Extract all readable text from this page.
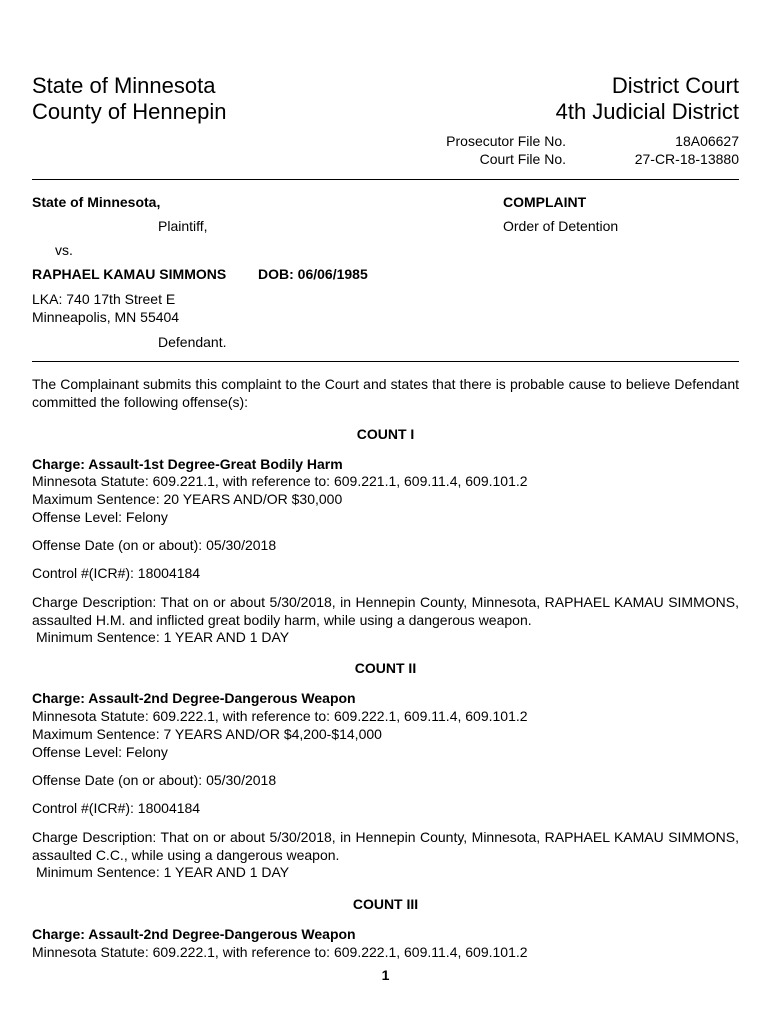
State of Minnesota
County of Hennepin
District Court
4th Judicial District
Prosecutor File No.	18A06627
Court File No.	27-CR-18-13880
State of Minnesota,
Plaintiff,
vs.
RAPHAEL KAMAU SIMMONS DOB: 06/06/1985
LKA: 740 17th Street E
Minneapolis, MN 55404
Defendant.
COMPLAINT
Order of Detention
The Complainant submits this complaint to the Court and states that there is probable cause to believe Defendant committed the following offense(s):
COUNT I
Charge: Assault-1st Degree-Great Bodily Harm
Minnesota Statute: 609.221.1, with reference to: 609.221.1, 609.11.4, 609.101.2
Maximum Sentence: 20 YEARS AND/OR $30,000
Offense Level: Felony
Offense Date (on or about): 05/30/2018
Control #(ICR#): 18004184
Charge Description: That on or about 5/30/2018, in Hennepin County, Minnesota, RAPHAEL KAMAU SIMMONS, assaulted H.M. and inflicted great bodily harm, while using a dangerous weapon.
Minimum Sentence: 1 YEAR AND 1 DAY
COUNT II
Charge: Assault-2nd Degree-Dangerous Weapon
Minnesota Statute: 609.222.1, with reference to: 609.222.1, 609.11.4, 609.101.2
Maximum Sentence: 7 YEARS AND/OR $4,200-$14,000
Offense Level: Felony
Offense Date (on or about): 05/30/2018
Control #(ICR#): 18004184
Charge Description: That on or about 5/30/2018, in Hennepin County, Minnesota, RAPHAEL KAMAU SIMMONS, assaulted C.C., while using a dangerous weapon.
Minimum Sentence: 1 YEAR AND 1 DAY
COUNT III
Charge: Assault-2nd Degree-Dangerous Weapon
Minnesota Statute: 609.222.1, with reference to: 609.222.1, 609.11.4, 609.101.2
1
